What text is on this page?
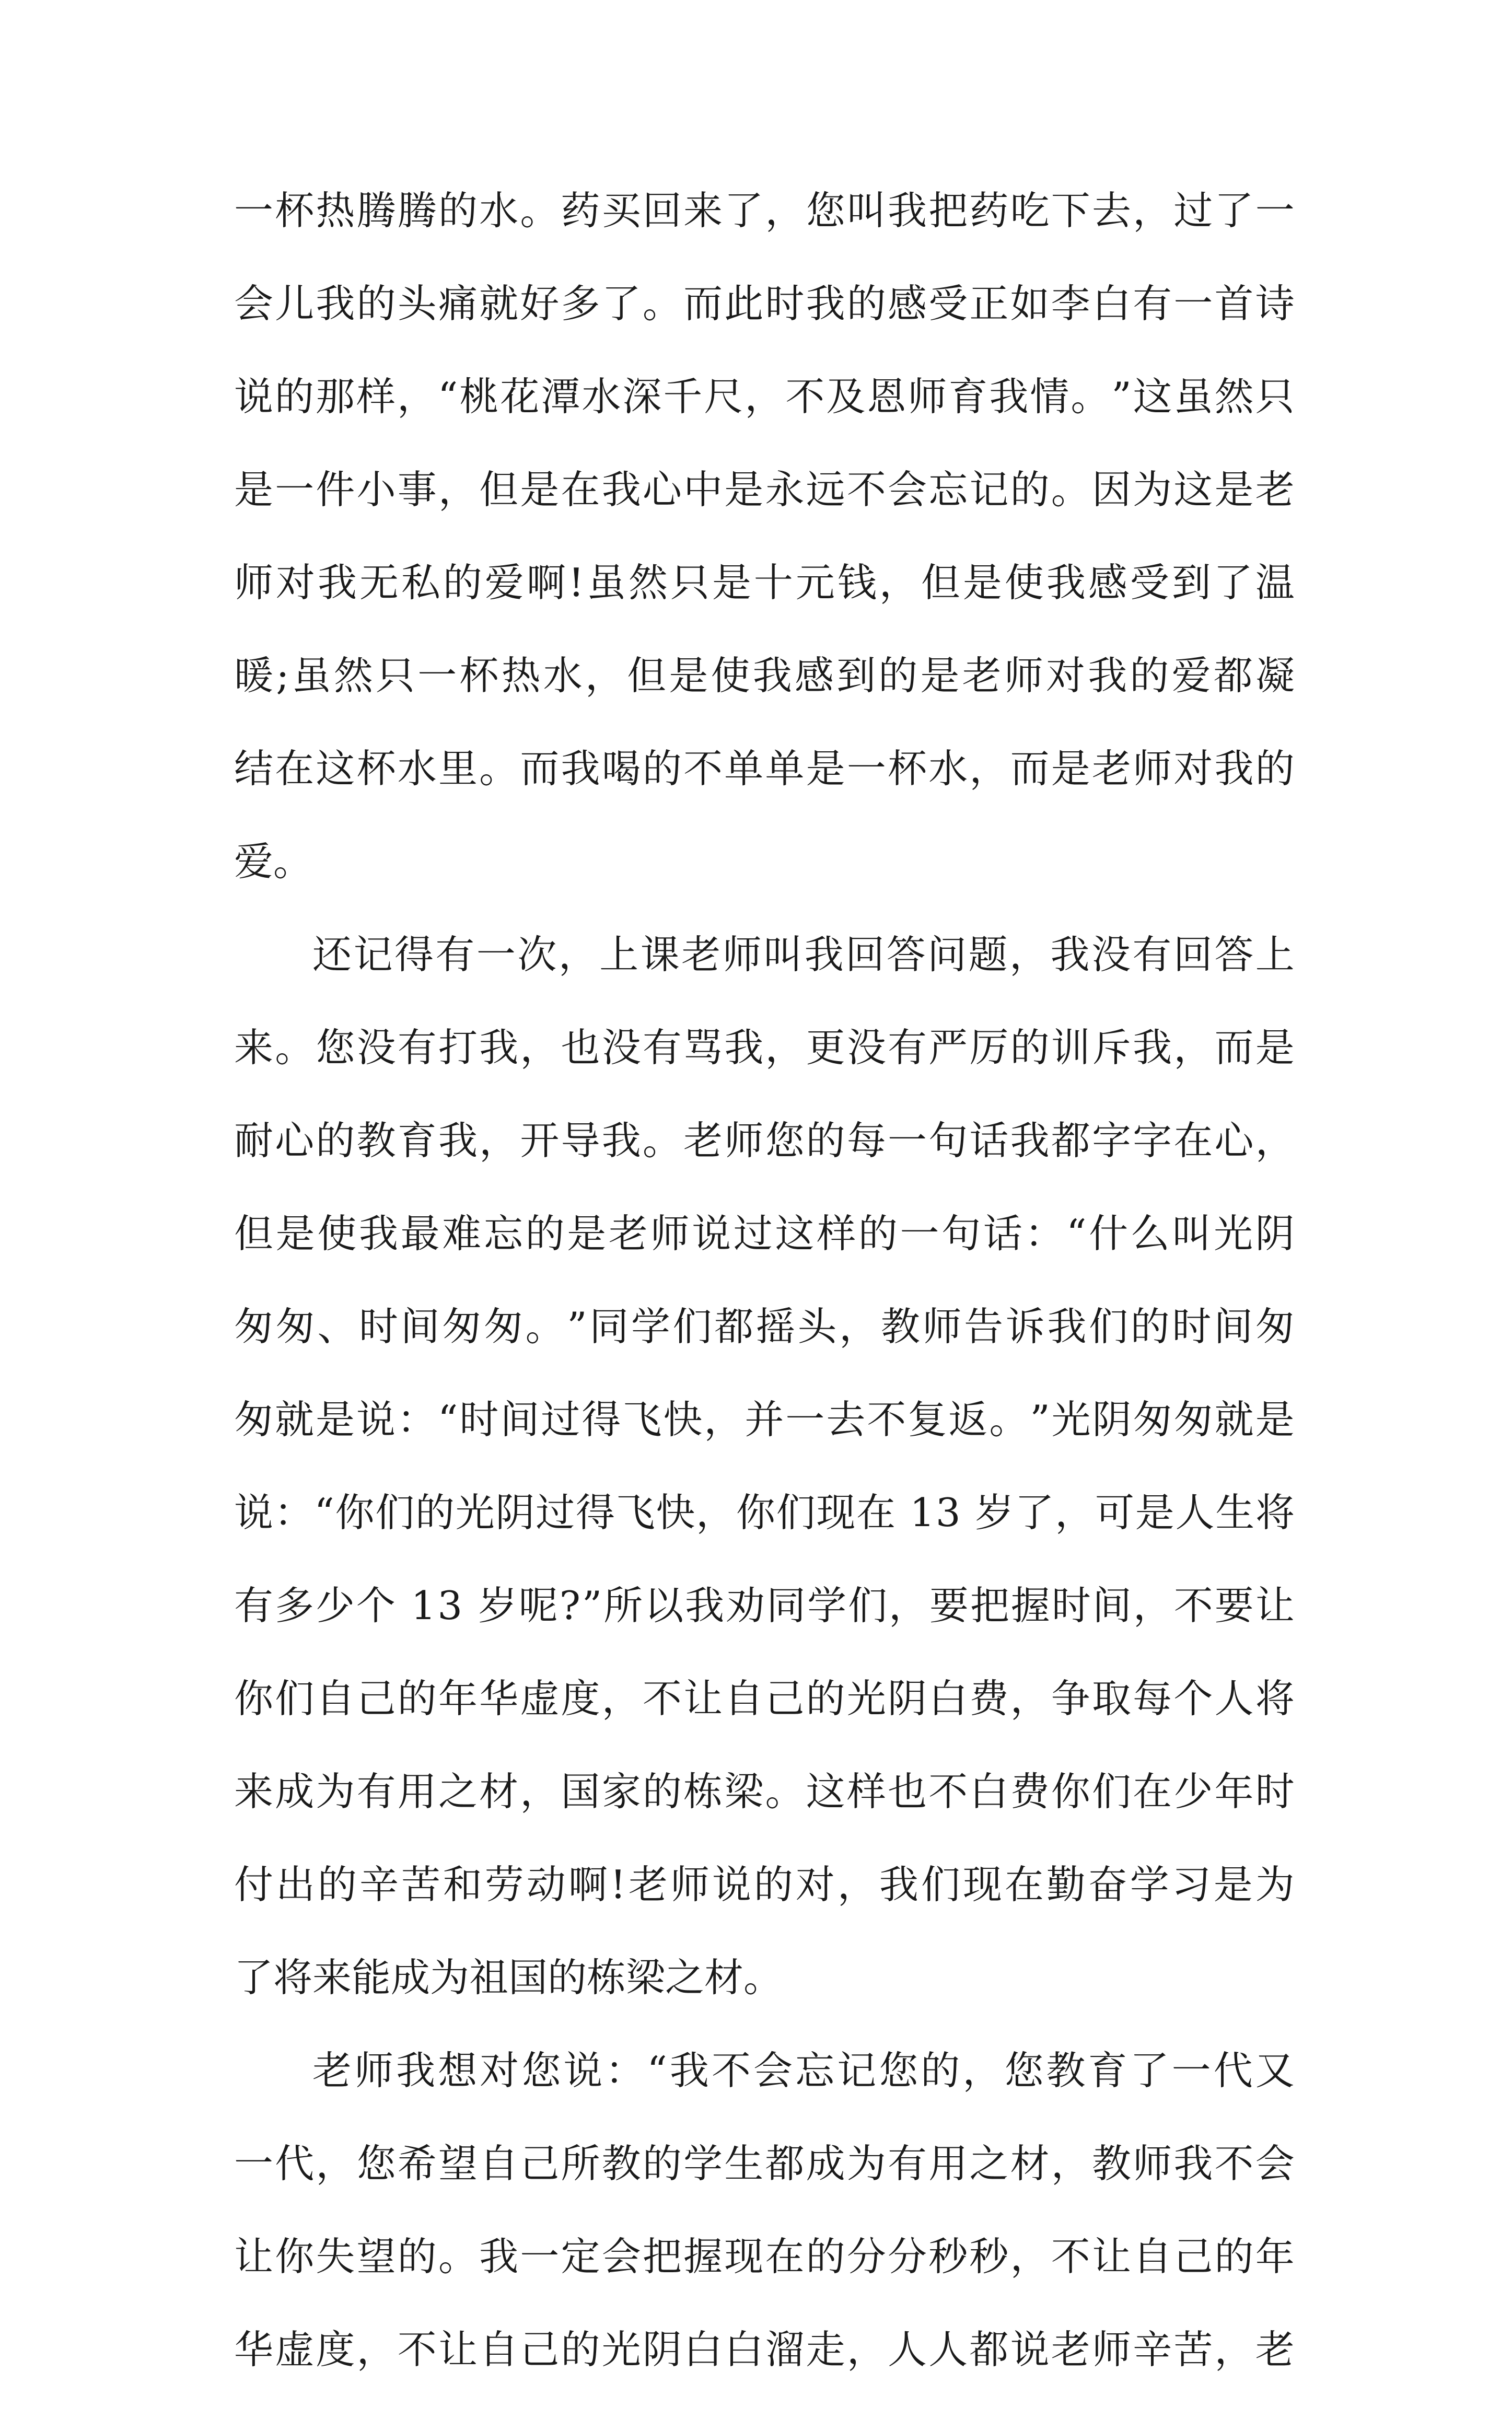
一 杯 热 腾 腾 的 水 。 药 买 回 来 了 ， 您 叫 我 把 药 吃 下 去 ， 过 了 一
会 儿 我 的 头 痛 就 好 多 了 。 而 此 时 我 的 感 受 正 如 李 白 有 一 首 诗
说 的 那 样 ， “ 桃 花 潭 水 深 千 尺 ， 不 及 恩 师 育 我 情 。 ” 这 虽 然 只
是 一 件 小 事 ， 但 是 在 我 心 中 是 永 远 不 会 忘 记 的 。 因 为 这 是 老
师 对 我 无 私 的 爱 啊 ! 虽 然 只 是 十 元 钱 ， 但 是 使 我 感 受 到 了 温
暖 ; 虽 然 只 一 杯 热 水 ， 但 是 使 我 感 到 的 是 老 师 对 我 的 爱 都 凝
结 在 这 杯 水 里 。 而 我 喝 的 不 单 单 是 一 杯 水 ， 而 是 老 师 对 我 的
爱。
还 记 得 有 一 次 ， 上 课 老 师 叫 我 回 答 问 题 ， 我 没 有 回 答 上
来 。 您 没 有 打 我 ， 也 没 有 骂 我 ， 更 没 有 严 厉 的 训 斥 我 ， 而 是
耐 心 的 教 育 我 ， 开 导 我 。 老 师 您 的 每 一 句 话 我 都 字 字 在 心 ，
但 是 使 我 最 难 忘 的 是 老 师 说 过 这 样 的 一 句 话 ： “ 什 么 叫 光 阴
匆 匆 、 时 间 匆 匆 。 ” 同 学 们 都 摇 头 ， 教 师 告 诉 我 们 的 时 间 匆
匆 就 是 说 ： “ 时 间 过 得 飞 快 ， 并 一 去 不 复 返 。 ” 光 阴 匆 匆 就 是
说 ： “ 你 们 的 光 阴 过 得 飞 快 ， 你 们 现 在
1 3
岁 了 ， 可 是 人 生 将
有 多 少 个
1 3
岁 呢 ? ” 所 以 我 劝 同 学 们 ， 要 把 握 时 间 ， 不 要 让
你 们 自 己 的 年 华 虚 度 ， 不 让 自 己 的 光 阴 白 费 ， 争 取 每 个 人 将
来 成 为 有 用 之 材 ， 国 家 的 栋 梁 。 这 样 也 不 白 费 你 们 在 少 年 时
付 出 的 辛 苦 和 劳 动 啊 ! 老 师 说 的 对 ， 我 们 现 在 勤 奋 学 习 是 为
了将来能成为祖国的栋梁之材。
老 师 我 想 对 您 说 ： “ 我 不 会 忘 记 您 的 ， 您 教 育 了 一 代 又
一 代 ， 您 希 望 自 己 所 教 的 学 生 都 成 为 有 用 之 材 ， 教 师 我 不 会
让 你 失 望 的 。 我 一 定 会 把 握 现 在 的 分 分 秒 秒 ， 不 让 自 己 的 年
华 虚 度 ， 不 让 自 己 的 光 阴 白 白 溜 走 ， 人 人 都 说 老 师 辛 苦 ， 老
